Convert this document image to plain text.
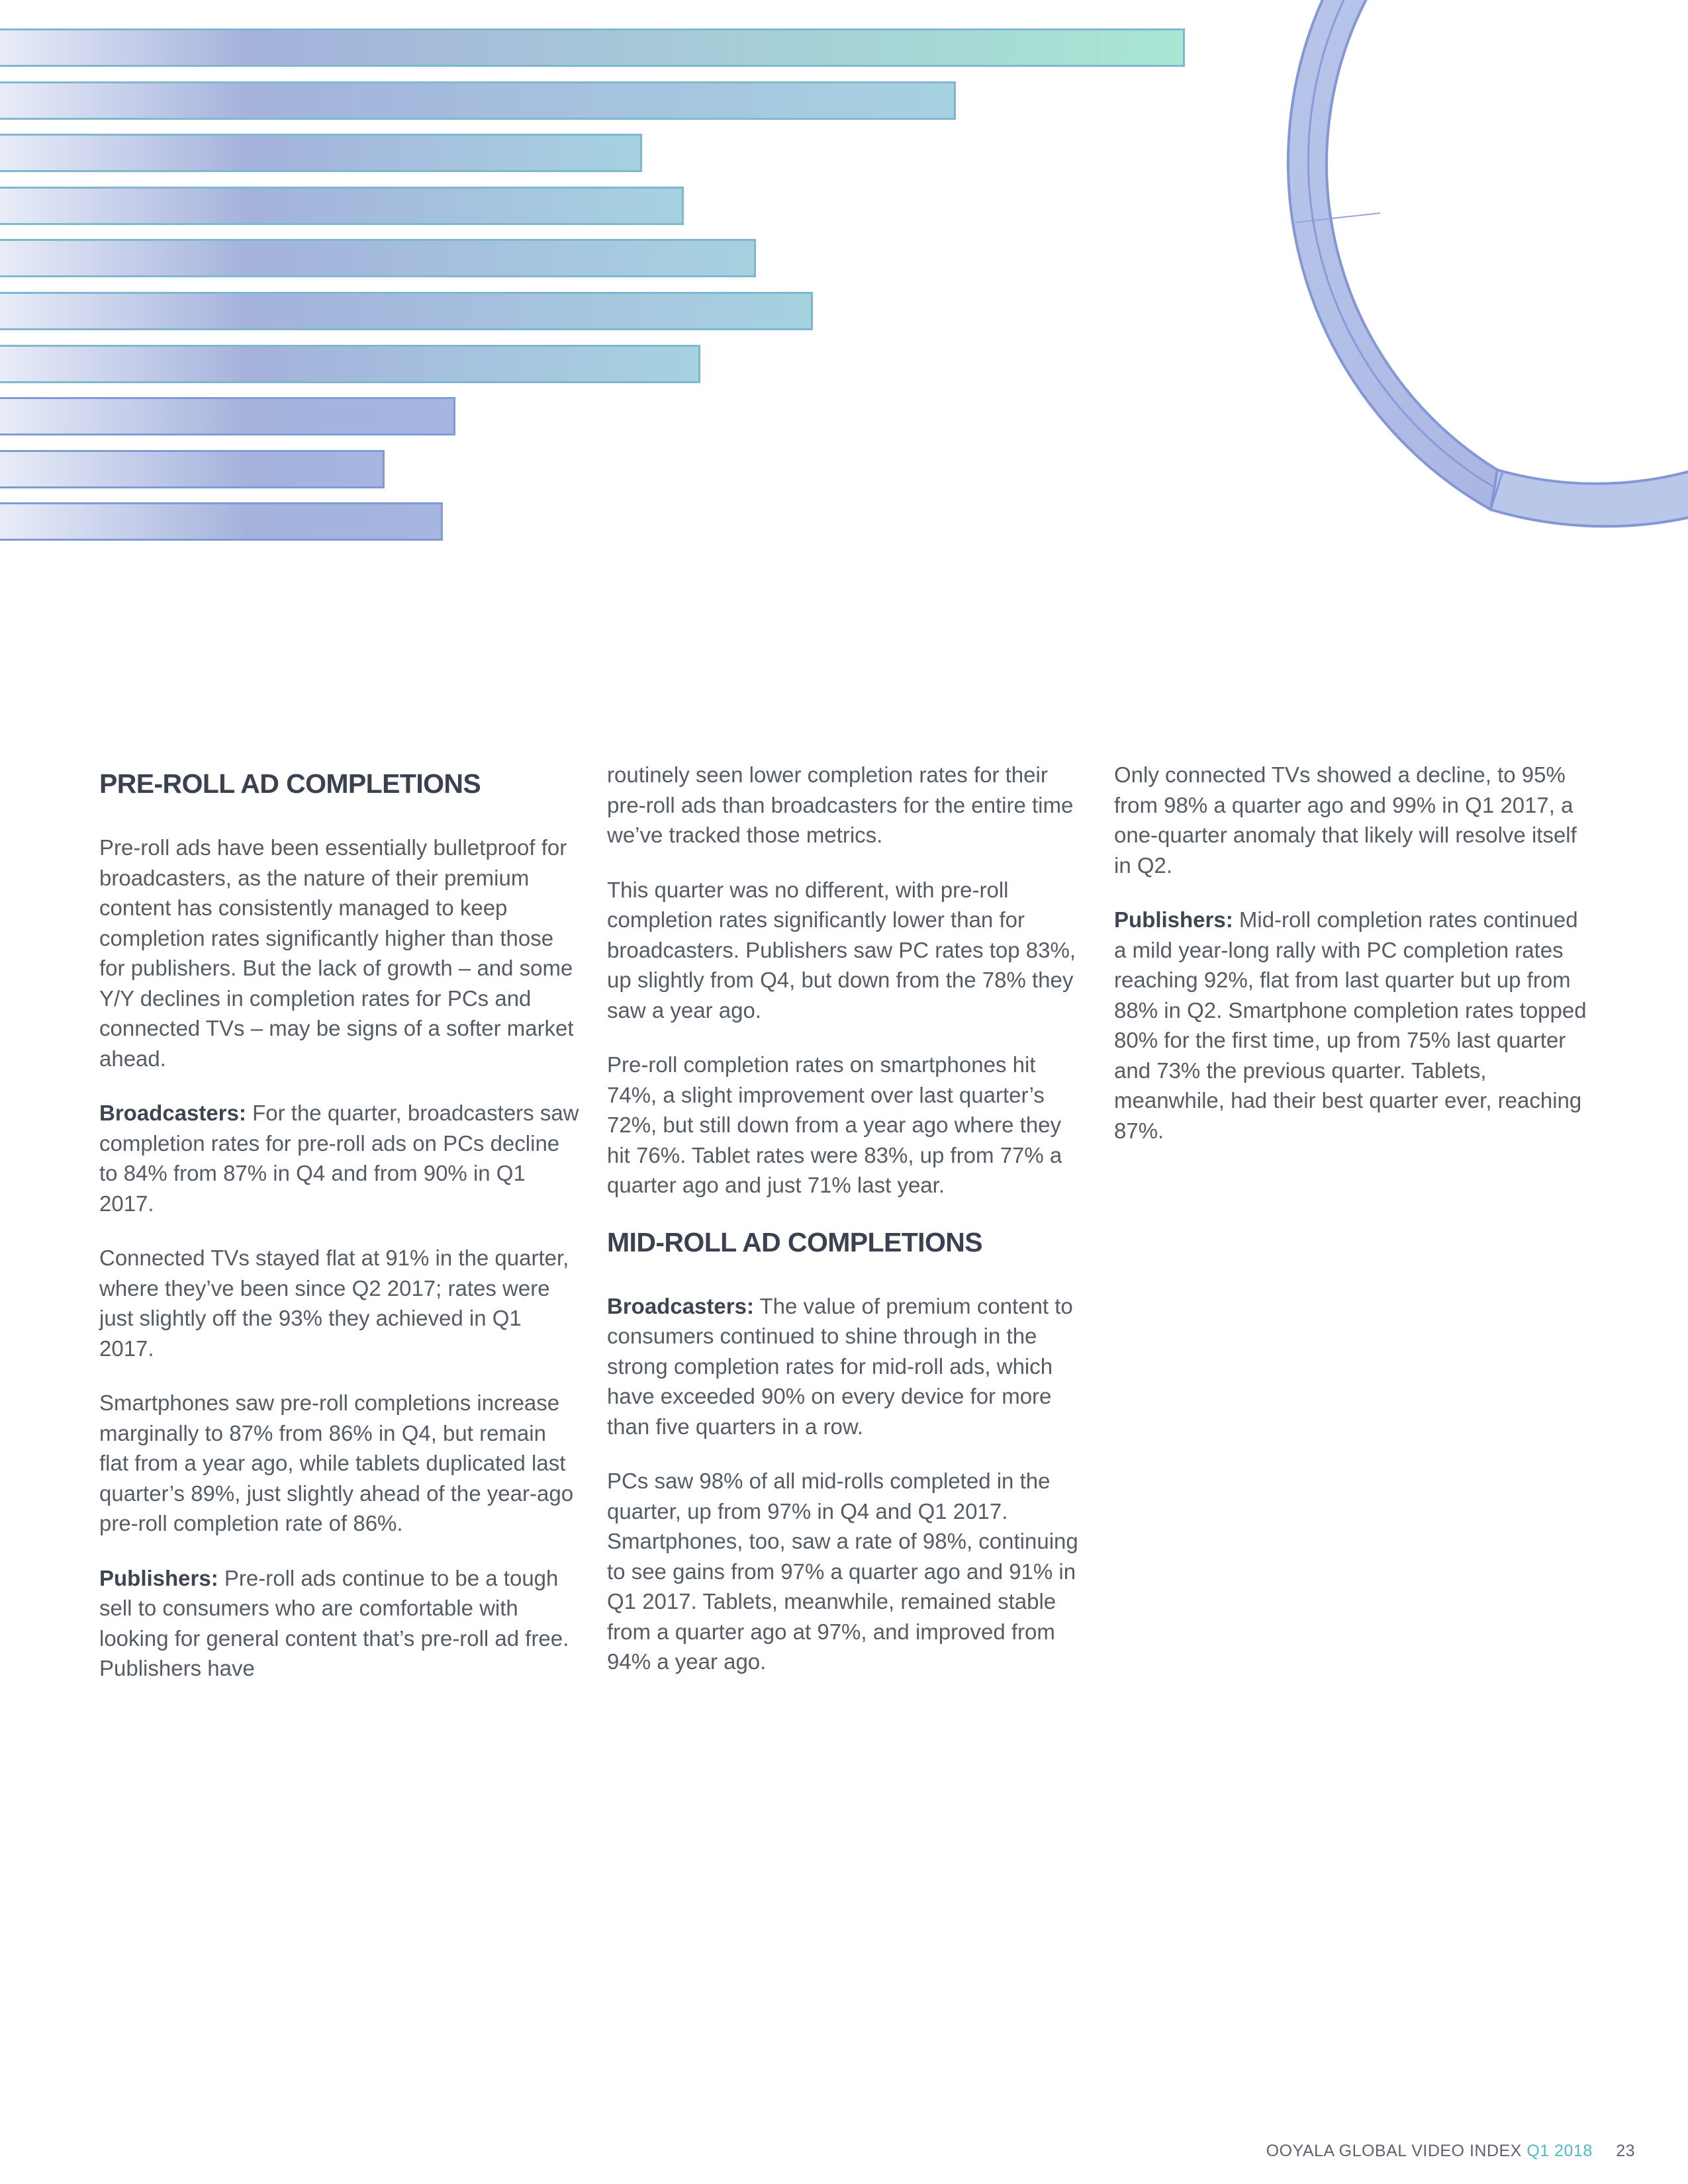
PRE-ROLL AD COMPLETIONS

Pre-roll ads have been essentially bulletproof for broadcasters, as the nature of their premium content has consistently managed to keep completion rates significantly higher than those for publishers. But the lack of growth – and some Y/Y declines in completion rates for PCs and connected TVs – may be signs of a softer market ahead.

Broadcasters: For the quarter, broadcasters saw completion rates for pre-roll ads on PCs decline to 84% from 87% in Q4 and from 90% in Q1 2017.

Connected TVs stayed flat at 91% in the quarter, where they’ve been since Q2 2017; rates were just slightly off the 93% they achieved in Q1 2017.

Smartphones saw pre-roll completions increase marginally to 87% from 86% in Q4, but remain flat from a year ago, while tablets duplicated last quarter’s 89%, just slightly ahead of the year-ago pre-roll completion rate of 86%.

Publishers: Pre-roll ads continue to be a tough sell to consumers who are comfortable with looking for general content that’s pre-roll ad free. Publishers have

routinely seen lower completion rates for their pre-roll ads than broadcasters for the entire time we’ve tracked those metrics.

This quarter was no different, with pre-roll completion rates significantly lower than for broadcasters. Publishers saw PC rates top 83%, up slightly from Q4, but down from the 78% they saw a year ago.

Pre-roll completion rates on smartphones hit 74%, a slight improvement over last quarter’s 72%, but still down from a year ago where they hit 76%. Tablet rates were 83%, up from 77% a quarter ago and just 71% last year.

MID-ROLL AD COMPLETIONS

Broadcasters: The value of premium content to consumers continued to shine through in the strong completion rates for mid-roll ads, which have exceeded 90% on every device for more than five quarters in a row.

PCs saw 98% of all mid-rolls completed in the quarter, up from 97% in Q4 and Q1 2017. Smartphones, too, saw a rate of 98%, continuing to see gains from 97% a quarter ago and 91% in Q1 2017. Tablets, meanwhile, remained stable from a quarter ago at 97%, and improved from 94% a year ago.

Only connected TVs showed a decline, to 95% from 98% a quarter ago and 99% in Q1 2017, a one-quarter anomaly that likely will resolve itself in Q2.

Publishers: Mid-roll completion rates continued a mild year-long rally with PC completion rates reaching 92%, flat from last quarter but up from 88% in Q2. Smartphone completion rates topped 80% for the first time, up from 75% last quarter and 73% the previous quarter. Tablets, meanwhile, had their best quarter ever, reaching 87%.

OOYALA GLOBAL VIDEO INDEX Q1 2018 23
